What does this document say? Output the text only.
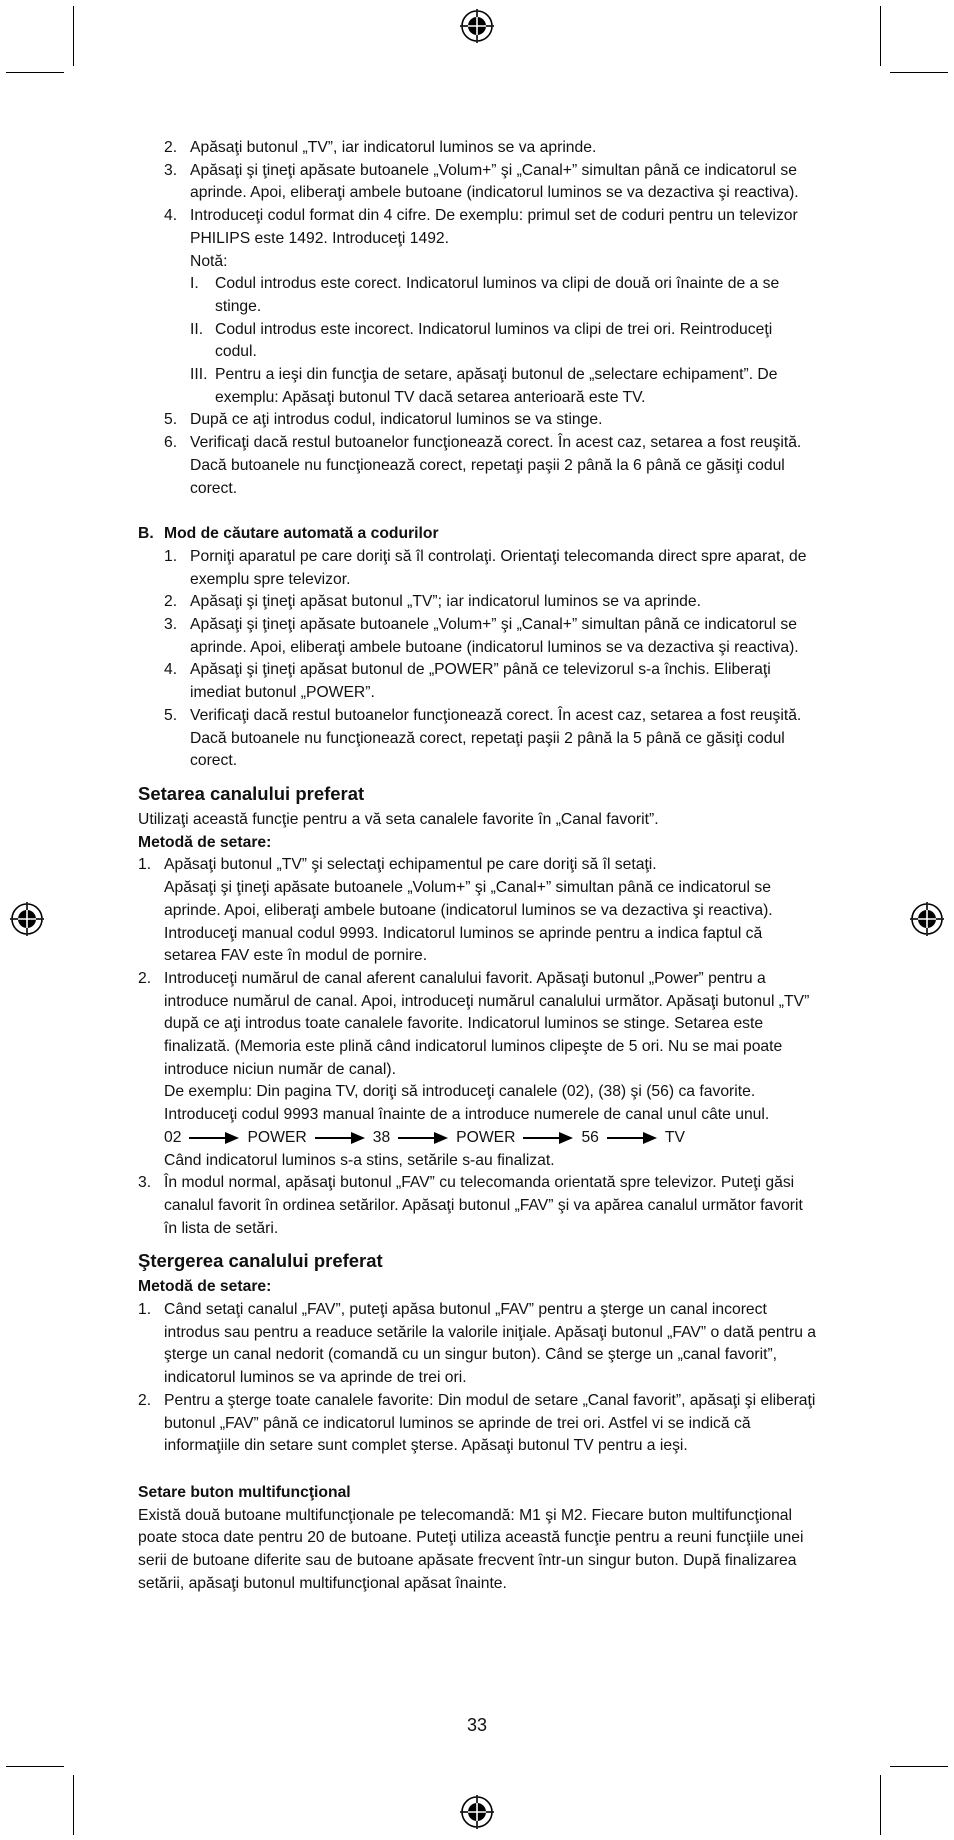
2. Apăsaţi butonul „TV”, iar indicatorul luminos se va aprinde.
3. Apăsaţi şi ţineţi apăsate butoanele „Volum+” şi „Canal+” simultan până ce indicatorul se aprinde. Apoi, eliberaţi ambele butoane (indicatorul luminos se va dezactiva şi reactiva).
4. Introduceţi codul format din 4 cifre. De exemplu: primul set de coduri pentru un televizor PHILIPS este 1492. Introduceţi 1492.
Notă:
I.	Codul introdus este corect. Indicatorul luminos va clipi de două ori înainte de a se stinge.
II. Codul introdus este incorect. Indicatorul luminos va clipi de trei ori. Reintroduceţi codul.
III. Pentru a ieşi din funcţia de setare, apăsaţi butonul de „selectare echipament”. De exemplu: Apăsaţi butonul TV dacă setarea anterioară este TV.
5. După ce aţi introdus codul, indicatorul luminos se va stinge.
6. Verificaţi dacă restul butoanelor funcţionează corect. În acest caz, setarea a fost reuşită. Dacă butoanele nu funcţionează corect, repetaţi paşii 2 până la 6 până ce găsiţi codul corect.
B. Mod de căutare automată a codurilor
1. Porniţi aparatul pe care doriţi să îl controlaţi. Orientaţi telecomanda direct spre aparat, de exemplu spre televizor.
2. Apăsaţi şi ţineţi apăsat butonul „TV”; iar indicatorul luminos se va aprinde.
3. Apăsaţi şi ţineţi apăsate butoanele „Volum+” şi „Canal+” simultan până ce indicatorul se aprinde. Apoi, eliberaţi ambele butoane (indicatorul luminos se va dezactiva şi reactiva).
4. Apăsaţi şi ţineţi apăsat butonul de „POWER” până ce televizorul s-a închis. Eliberaţi imediat butonul „POWER”.
5. Verificaţi dacă restul butoanelor funcţionează corect. În acest caz, setarea a fost reuşită. Dacă butoanele nu funcţionează corect, repetaţi paşii 2 până la 5 până ce găsiţi codul corect.
Setarea canalului preferat
Utilizaţi această funcţie pentru a vă seta canalele favorite în „Canal favorit”.
Metodă de setare:
1. Apăsaţi butonul „TV” şi selectaţi echipamentul pe care doriţi să îl setaţi.
Apăsaţi şi ţineţi apăsate butoanele „Volum+” şi „Canal+” simultan până ce indicatorul se aprinde. Apoi, eliberaţi ambele butoane (indicatorul luminos se va dezactiva şi reactiva).
Introduceţi manual codul 9993. Indicatorul luminos se aprinde pentru a indica faptul că setarea FAV este în modul de pornire.
2. Introduceţi numărul de canal aferent canalului favorit. Apăsaţi butonul „Power” pentru a introduce numărul de canal. Apoi, introduceţi numărul canalului următor. Apăsaţi butonul „TV” după ce aţi introdus toate canalele favorite. Indicatorul luminos se stinge. Setarea este finalizată. (Memoria este plină când indicatorul luminos clipeşte de 5 ori. Nu se mai poate introduce niciun număr de canal).
De exemplu: Din pagina TV, doriţi să introduceţi canalele (02), (38) şi (56) ca favorite. Introduceţi codul 9993 manual înainte de a introduce numerele de canal unul câte unul.
02	POWER	38	POWER	56	TV
Când indicatorul luminos s-a stins, setările s-au finalizat.
3. În modul normal, apăsaţi butonul „FAV” cu telecomanda orientată spre televizor. Puteţi găsi canalul favorit în ordinea setărilor. Apăsaţi butonul „FAV” şi va apărea canalul următor favorit în lista de setări.
Ştergerea canalului preferat
Metodă de setare:
1. Când setaţi canalul „FAV”, puteţi apăsa butonul „FAV” pentru a şterge un canal incorect introdus sau pentru a readuce setările la valorile iniţiale. Apăsaţi butonul „FAV” o dată pentru a şterge un canal nedorit (comandă cu un singur buton). Când se şterge un „canal favorit”, indicatorul luminos se va aprinde de trei ori.
2. Pentru a şterge toate canalele favorite: Din modul de setare „Canal favorit”, apăsaţi şi eliberaţi butonul „FAV” până ce indicatorul luminos se aprinde de trei ori. Astfel vi se indică că informaţiile din setare sunt complet şterse. Apăsaţi butonul TV pentru a ieşi.
Setare buton multifuncţional
Există două butoane multifuncţionale pe telecomandă: M1 şi M2. Fiecare buton multifuncţional poate stoca date pentru 20 de butoane. Puteţi utiliza această funcţie pentru a reuni funcţiile unei serii de butoane diferite sau de butoane apăsate frecvent într-un singur buton. După finalizarea setării, apăsaţi butonul multifuncţional apăsat înainte.
33
